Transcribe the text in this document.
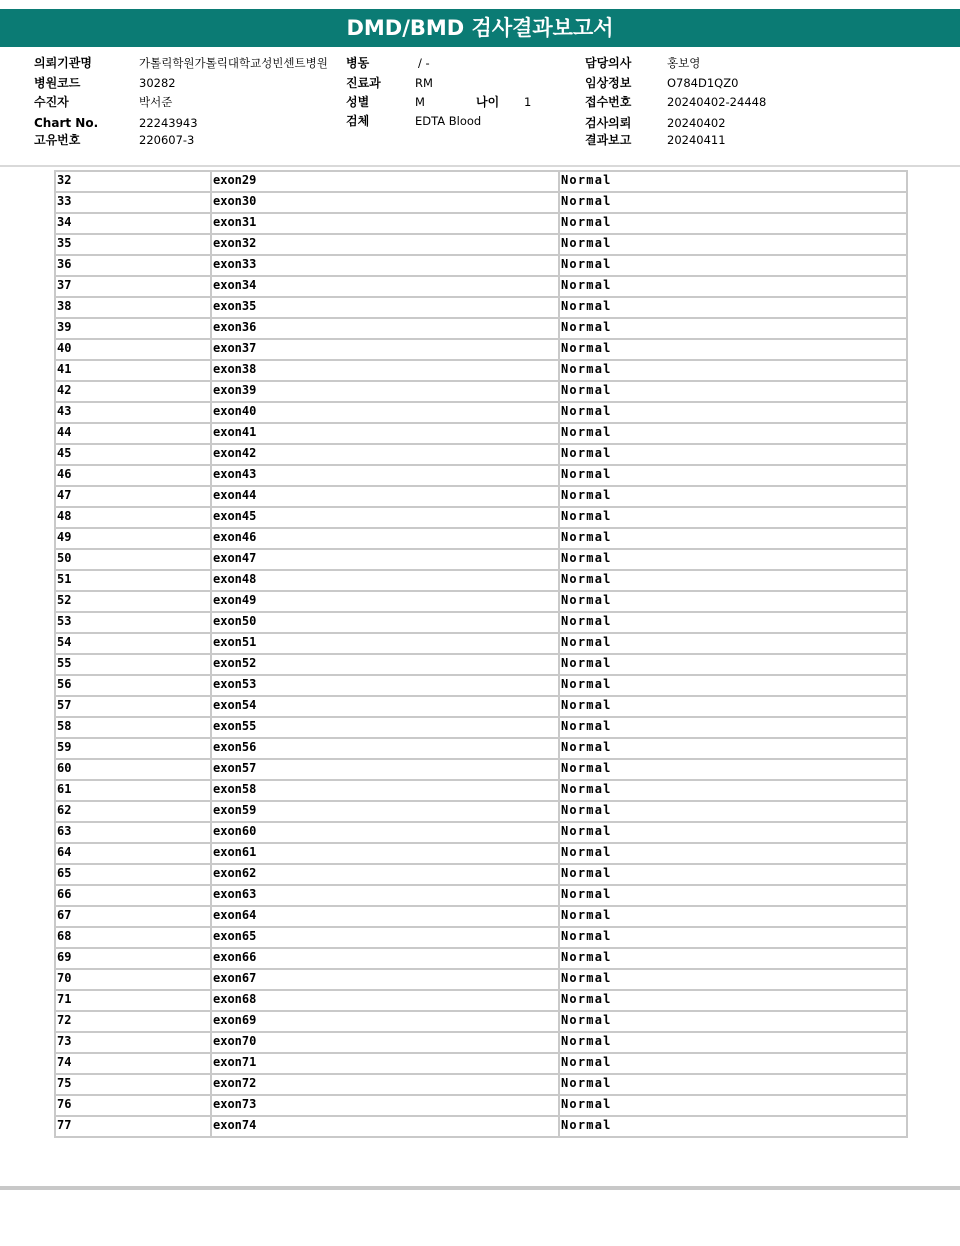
DMD/BMD 검사결과보고서
의뢰기관명	가톨릭학원가톨릭대학교성빈센트병원
병원코드	30282
수진자	박서준
Chart No.	22243943
고유번호	220607-3
병동	/ -
진료과	RM
성별	M	나이 1
검체	EDTA Blood
담당의사	홍보영
임상정보	O784D1QZ0
접수번호	20240402-24448
검사의뢰	20240402
결과보고	20240411
32	exon29	Normal
33	exon30	Normal
34	exon31	Normal
35	exon32	Normal
36	exon33	Normal
37	exon34	Normal
38	exon35	Normal
39	exon36	Normal
40	exon37	Normal
41	exon38	Normal
42	exon39	Normal
43	exon40	Normal
44	exon41	Normal
45	exon42	Normal
46	exon43	Normal
47	exon44	Normal
48	exon45	Normal
49	exon46	Normal
50	exon47	Normal
51	exon48	Normal
52	exon49	Normal
53	exon50	Normal
54	exon51	Normal
55	exon52	Normal
56	exon53	Normal
57	exon54	Normal
58	exon55	Normal
59	exon56	Normal
60	exon57	Normal
61	exon58	Normal
62	exon59	Normal
63	exon60	Normal
64	exon61	Normal
65	exon62	Normal
66	exon63	Normal
67	exon64	Normal
68	exon65	Normal
69	exon66	Normal
70	exon67	Normal
71	exon68	Normal
72	exon69	Normal
73	exon70	Normal
74	exon71	Normal
75	exon72	Normal
76	exon73	Normal
77	exon74	Normal
